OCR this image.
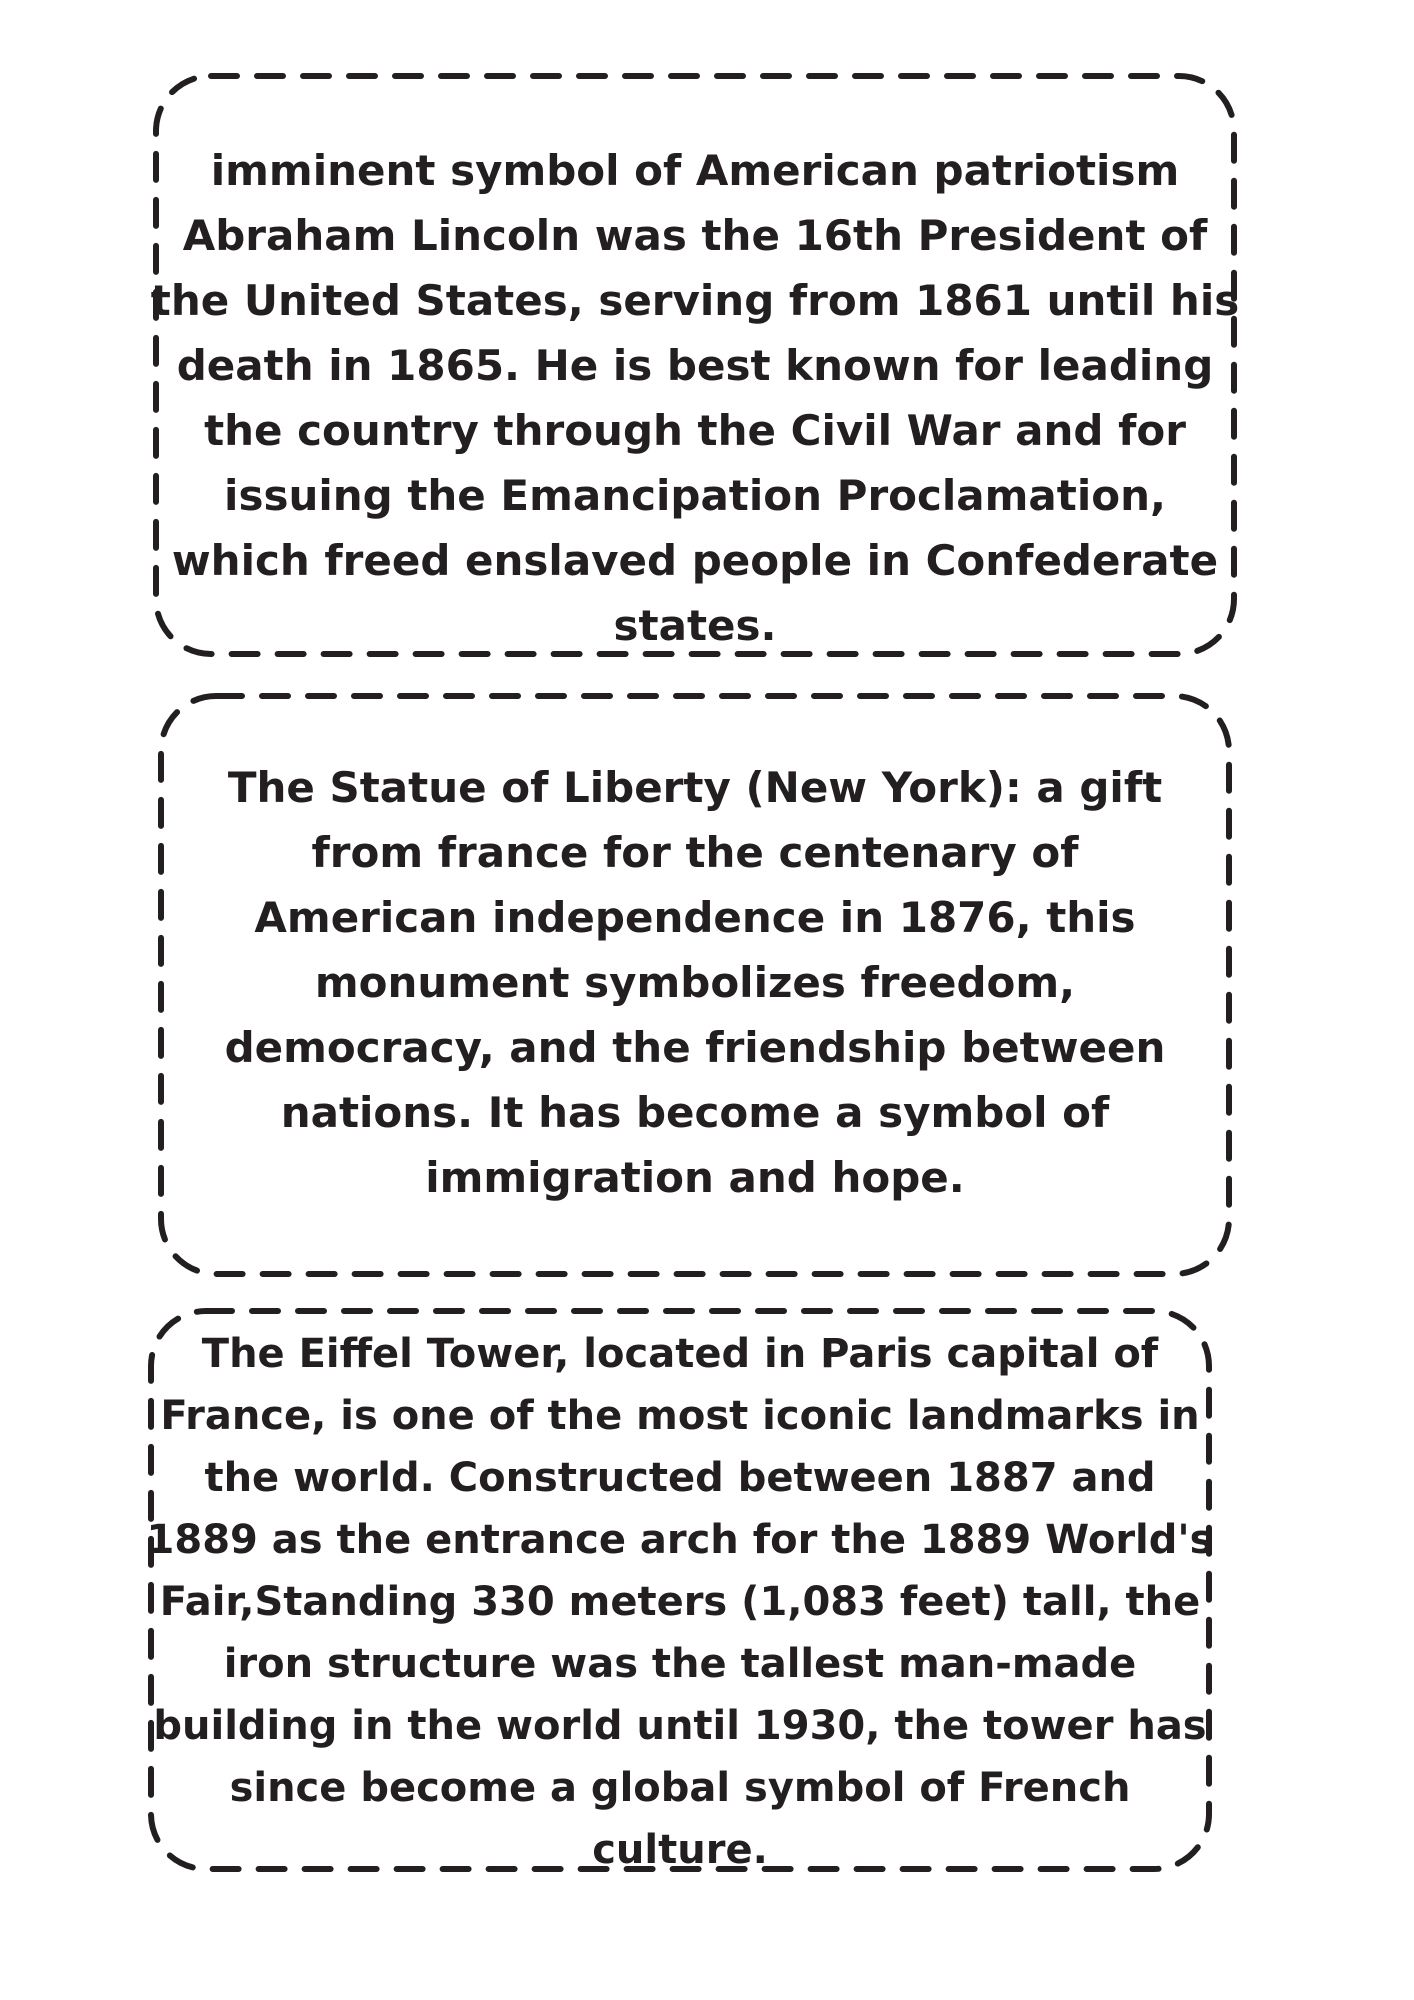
imminent symbol of American patriotism
Abraham Lincoln was the 16th President of
the United States, serving from 1861 until his
death in 1865. He is best known for leading
the country through the Civil War and for
issuing the Emancipation Proclamation,
which freed enslaved people in Confederate
states.

The Statue of Liberty (New York): a gift
from france for the centenary of
American independence in 1876, this
monument symbolizes freedom,
democracy, and the friendship between
nations. It has become a symbol of
immigration and hope.

The Eiffel Tower, located in Paris capital of
France, is one of the most iconic landmarks in
the world. Constructed between 1887 and
1889 as the entrance arch for the 1889 World's
Fair,Standing 330 meters (1,083 feet) tall, the
iron structure was the tallest man-made
building in the world until 1930, the tower has
since become a global symbol of French
culture.
